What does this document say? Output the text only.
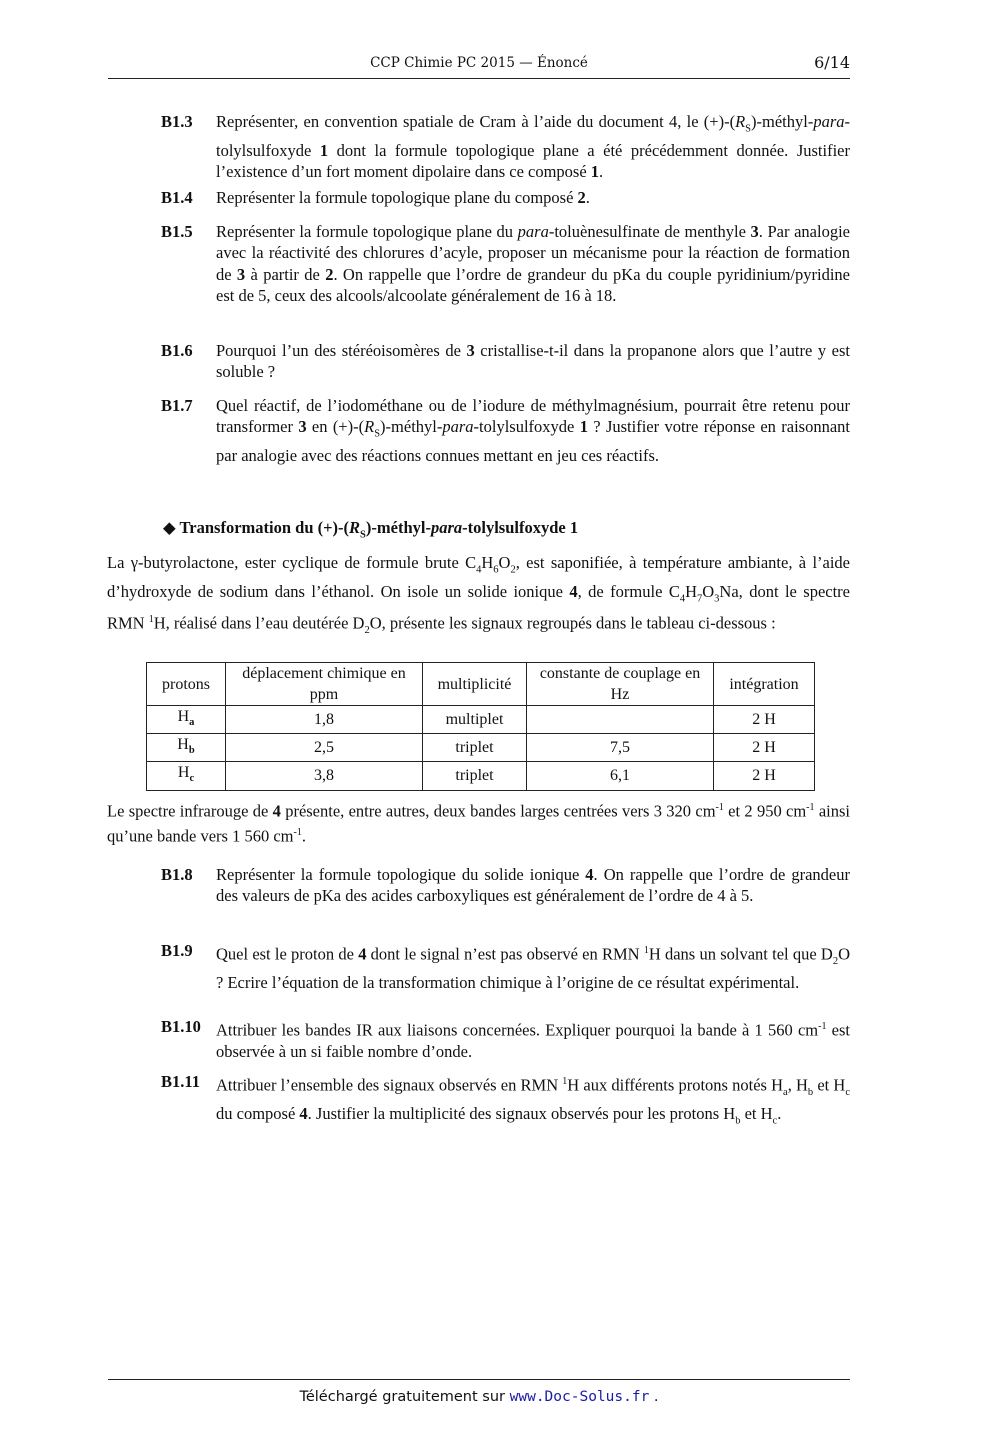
CCP Chimie PC 2015 — Énoncé	6/14
B1.3 Représenter, en convention spatiale de Cram à l’aide du document 4, le $(+)-(R_S)-méthyl-para$-tolylsulfoxyde 1 dont la formule topologique plane a été précédemment donnée. Justifier l’existence d’un fort moment dipolaire dans ce composé 1.
B1.4 Représenter la formule topologique plane du composé 2.
B1.5 Représenter la formule topologique plane du para-toluènesulfinate de menthyle 3. Par analogie avec la réactivité des chlorures d’acyle, proposer un mécanisme pour la réaction de formation de 3 à partir de 2. On rappelle que l’ordre de grandeur du pKa du couple pyridinium/pyridine est de 5, ceux des alcools/alcoolate généralement de 16 à 18.
B1.6 Pourquoi l’un des stéréoisomères de 3 cristallise-t-il dans la propanone alors que l’autre y est soluble ?
B1.7 Quel réactif, de l’iodométhane ou de l’iodure de méthylmagnésium, pourrait être retenu pour transformer 3 en $(+)-(R_S)-méthyl-para$-tolylsulfoxyde 1 ? Justifier votre réponse en raisonnant par analogie avec des réactions connues mettant en jeu ces réactifs.
◆ Transformation du $(+)-(R_S)-méthyl-para$-tolylsulfoxyde 1
La γ-butyrolactone, ester cyclique de formule brute $C_4H_6O_2$, est saponifiée, à température ambiante, à l’aide d’hydroxyde de sodium dans l’éthanol. On isole un solide ionique 4, de formule $C_4H_7O_3Na$, dont le spectre RMN $^1$H, réalisé dans l’eau deutérée $D_2O$, présente les signaux regroupés dans le tableau ci-dessous :
protons	déplacement chimique en ppm	multiplicité	constante de couplage en Hz	intégration
$H_a$	1,8	multiplet		2 H
$H_b$	2,5	triplet	7,5	2 H
$H_c$	3,8	triplet	6,1	2 H
Le spectre infrarouge de 4 présente, entre autres, deux bandes larges centrées vers 3 320 $cm^{-1}$ et 2 950 $cm^{-1}$ ainsi qu’une bande vers 1 560 $cm^{-1}$.
B1.8 Représenter la formule topologique du solide ionique 4. On rappelle que l’ordre de grandeur des valeurs de pKa des acides carboxyliques est généralement de l’ordre de 4 à 5.
B1.9 Quel est le proton de 4 dont le signal n’est pas observé en RMN $^1$H dans un solvant tel que $D_2O$ ? Ecrire l’équation de la transformation chimique à l’origine de ce résultat expérimental.
B1.10 Attribuer les bandes IR aux liaisons concernées. Expliquer pourquoi la bande à 1 560 $cm^{-1}$ est observée à un si faible nombre d’onde.
B1.11 Attribuer l’ensemble des signaux observés en RMN $^1$H aux différents protons notés $H_a$, $H_b$ et $H_c$ du composé 4. Justifier la multiplicité des signaux observés pour les protons $H_b$ et $H_c$.
Téléchargé gratuitement sur www.Doc-Solus.fr .
